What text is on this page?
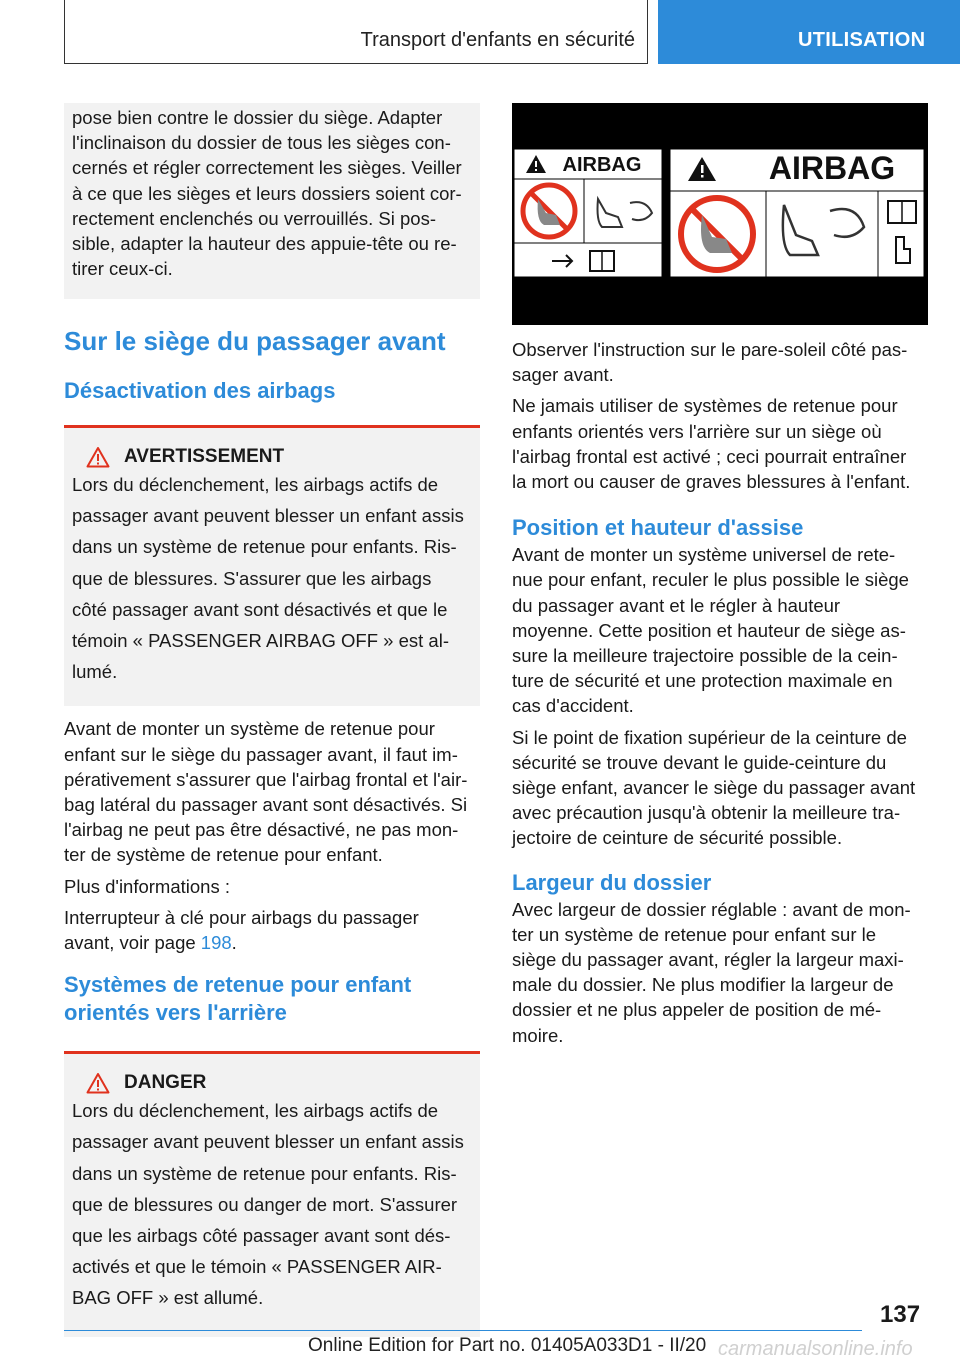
Transport d'enfants en sécurité	UTILISATION

pose bien contre le dossier du siège. Adapter

l'inclinaison du dossier de tous les sièges con‐

cernés et régler correctement les sièges. Veiller

à ce que les sièges et leurs dossiers soient cor‐

rectement enclenchés ou verrouillés. Si pos‐

sible, adapter la hauteur des appuie-tête ou re‐

tirer ceux-ci.

Sur le siège du passager avant
Désactivation des airbags
AVERTISSEMENT

Lors du déclenchement, les airbags actifs de

passager avant peuvent blesser un enfant assis

dans un système de retenue pour enfants. Ris‐

que de blessures. S'assurer que les airbags

côté passager avant sont désactivés et que le

témoin « PASSENGER AIRBAG OFF » est al‐

lumé.

Avant de monter un système de retenue pour

enfant sur le siège du passager avant, il faut im‐

pérativement s'assurer que l'airbag frontal et l'air‐

bag latéral du passager avant sont désactivés. Si

l'airbag ne peut pas être désactivé, ne pas mon‐

ter de système de retenue pour enfant.

Plus d'informations :

Interrupteur à clé pour airbags du passager

avant, voir page 198.

Systèmes de retenue pour enfant
orientés vers l'arrière
DANGER

Lors du déclenchement, les airbags actifs de

passager avant peuvent blesser un enfant assis

dans un système de retenue pour enfants. Ris‐

que de blessures ou danger de mort. S'assurer

que les airbags côté passager avant sont dés‐

activés et que le témoin « PASSENGER AIR‐

BAG OFF » est allumé.

AIRBAG	AIRBAG

Observer l'instruction sur le pare-soleil côté pas‐

sager avant.

Ne jamais utiliser de systèmes de retenue pour

enfants orientés vers l'arrière sur un siège où

l'airbag frontal est activé ; ceci pourrait entraîner

la mort ou causer de graves blessures à l'enfant.

Position et hauteur d'assise

Avant de monter un système universel de rete‐

nue pour enfant, reculer le plus possible le siège

du passager avant et le régler à hauteur

moyenne. Cette position et hauteur de siège as‐

sure la meilleure trajectoire possible de la cein‐

ture de sécurité et une protection maximale en

cas d'accident.

Si le point de fixation supérieur de la ceinture de

sécurité se trouve devant le guide-ceinture du

siège enfant, avancer le siège du passager avant

avec précaution jusqu'à obtenir la meilleure tra‐

jectoire de ceinture de sécurité possible.

Largeur du dossier

Avec largeur de dossier réglable : avant de mon‐

ter un système de retenue pour enfant sur le

siège du passager avant, régler la largeur maxi‐

male du dossier. Ne plus modifier la largeur de

dossier et ne plus appeler de position de mé‐

moire.

137
Online Edition for Part no. 01405A033D1 - II/20 carmanualsonline.info
